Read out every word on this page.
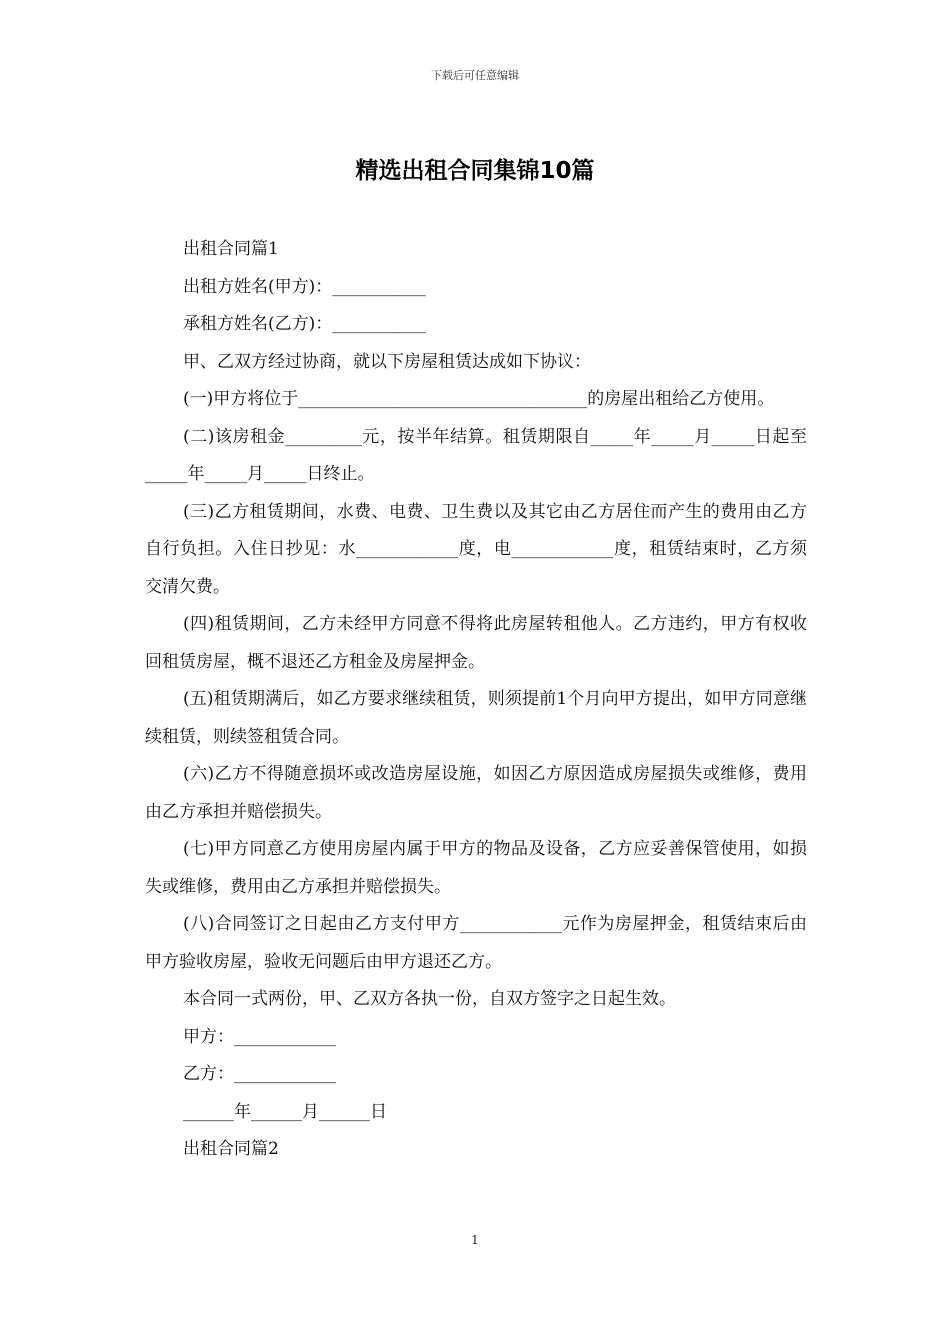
下载后可任意编辑
精选出租合同集锦10篇

出租合同篇1

出租方姓名(甲方)：___________

承租方姓名(乙方)：___________

甲、乙双方经过协商，就以下房屋租赁达成如下协议：

(一)甲方将位于__________________________________的房屋出租给乙方使用。

(二)该房租金_________元，按半年结算。租赁期限自_____年_____月_____日起至_____年_____月_____日终止。

(三)乙方租赁期间，水费、电费、卫生费以及其它由乙方居住而产生的费用由乙方自行负担。入住日抄见：水____________度，电____________度，租赁结束时，乙方须交清欠费。

(四)租赁期间，乙方未经甲方同意不得将此房屋转租他人。乙方违约，甲方有权收回租赁房屋，概不退还乙方租金及房屋押金。

(五)租赁期满后，如乙方要求继续租赁，则须提前1个月向甲方提出，如甲方同意继续租赁，则续签租赁合同。

(六)乙方不得随意损坏或改造房屋设施，如因乙方原因造成房屋损失或维修，费用由乙方承担并赔偿损失。

(七)甲方同意乙方使用房屋内属于甲方的物品及设备，乙方应妥善保管使用，如损失或维修，费用由乙方承担并赔偿损失。

(八)合同签订之日起由乙方支付甲方____________元作为房屋押金，租赁结束后由甲方验收房屋，验收无问题后由甲方退还乙方。

本合同一式两份，甲、乙双方各执一份，自双方签字之日起生效。

甲方：____________

乙方：____________

______年______月______日

出租合同篇2

1
